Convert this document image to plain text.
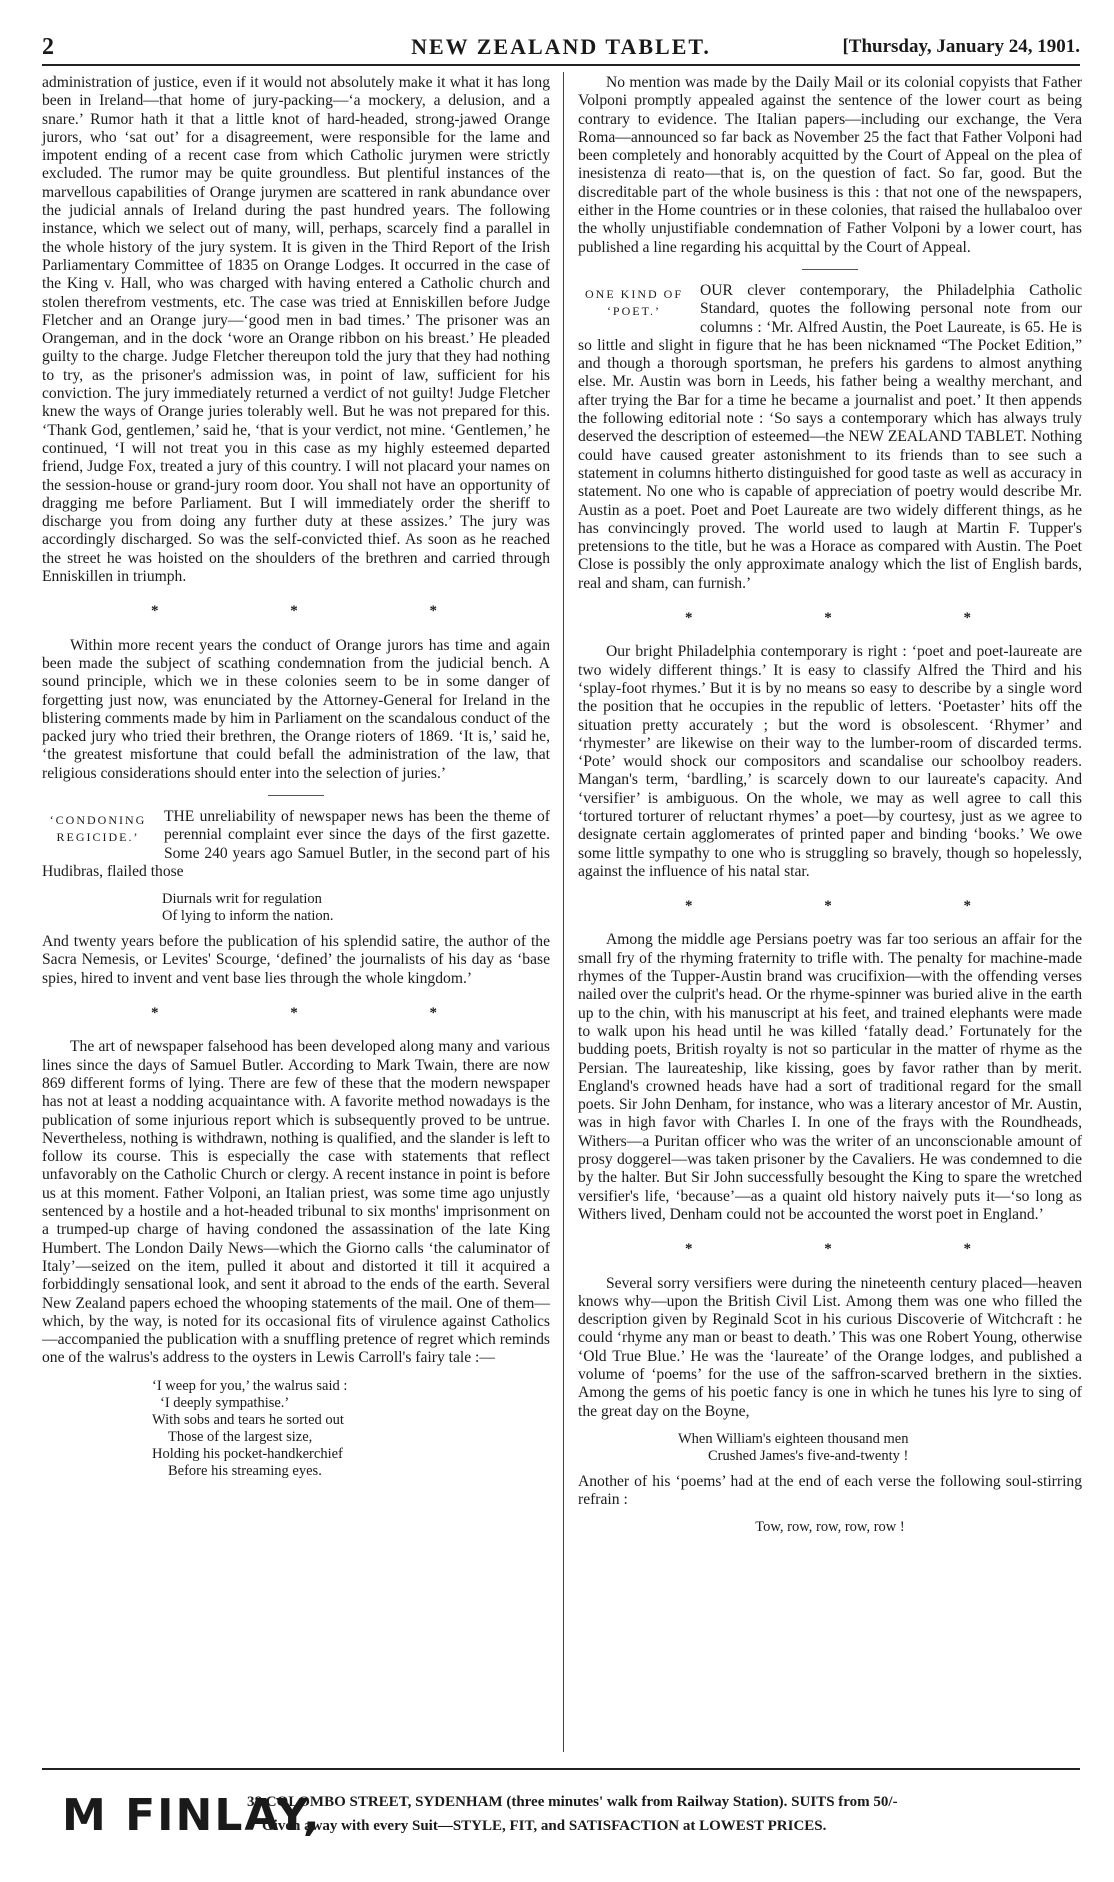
2	NEW ZEALAND TABLET.	[Thursday, January 24, 1901.

administration of justice, even if it would not absolutely make it what it has long been in Ireland—that home of jury-packing—‘a mockery, a delusion, and a snare.’ Rumor hath it that a little knot of hard-headed, strong-jawed Orange jurors, who ‘sat out’ for a disagreement, were responsible for the lame and impotent ending of a recent case from which Catholic jurymen were strictly excluded. The rumor may be quite groundless. But plentiful instances of the marvellous capabilities of Orange jurymen are scattered in rank abundance over the judicial annals of Ireland during the past hundred years. The following instance, which we select out of many, will, perhaps, scarcely find a parallel in the whole history of the jury system. It is given in the Third Report of the Irish Parliamentary Committee of 1835 on Orange Lodges. It occurred in the case of the King v. Hall, who was charged with having entered a Catholic church and stolen therefrom vestments, etc. The case was tried at Enniskillen before Judge Fletcher and an Orange jury—‘good men in bad times.’ The prisoner was an Orangeman, and in the dock ‘wore an Orange ribbon on his breast.’ He pleaded guilty to the charge. Judge Fletcher thereupon told the jury that they had nothing to try, as the prisoner's admission was, in point of law, sufficient for his conviction. The jury immediately returned a verdict of not guilty! Judge Fletcher knew the ways of Orange juries tolerably well. But he was not prepared for this. ‘Thank God, gentlemen,’ said he, ‘that is your verdict, not mine. ‘Gentlemen,’ he continued, ‘I will not treat you in this case as my highly esteemed departed friend, Judge Fox, treated a jury of this country. I will not placard your names on the session-house or grand-jury room door. You shall not have an opportunity of dragging me before Parliament. But I will immediately order the sheriff to discharge you from doing any further duty at these assizes.’ The jury was accordingly discharged. So was the self-convicted thief. As soon as he reached the street he was hoisted on the shoulders of the brethren and carried through Enniskillen in triumph.

* * *

Within more recent years the conduct of Orange jurors has time and again been made the subject of scathing condemnation from the judicial bench. A sound principle, which we in these colonies seem to be in some danger of forgetting just now, was enunciated by the Attorney-General for Ireland in the blistering comments made by him in Parliament on the scandalous conduct of the packed jury who tried their brethren, the Orange rioters of 1869. ‘It is,’ said he, ‘the greatest misfortune that could befall the administration of the law, that religious considerations should enter into the selection of juries.’

‘CONDONING REGICIDE.’

THE unreliability of newspaper news has been the theme of perennial complaint ever since the days of the first gazette. Some 240 years ago Samuel Butler, in the second part of his Hudibras, flailed those

Diurnals writ for regulation
Of lying to inform the nation.

And twenty years before the publication of his splendid satire, the author of the Sacra Nemesis, or Levites' Scourge, ‘defined’ the journalists of his day as ‘base spies, hired to invent and vent base lies through the whole kingdom.’

* * *

The art of newspaper falsehood has been developed along many and various lines since the days of Samuel Butler. According to Mark Twain, there are now 869 different forms of lying. There are few of these that the modern newspaper has not at least a nodding acquaintance with. A favorite method nowadays is the publication of some injurious report which is subsequently proved to be untrue. Nevertheless, nothing is withdrawn, nothing is qualified, and the slander is left to follow its course. This is especially the case with statements that reflect unfavorably on the Catholic Church or clergy. A recent instance in point is before us at this moment. Father Volponi, an Italian priest, was some time ago unjustly sentenced by a hostile and a hot-headed tribunal to six months' imprisonment on a trumped-up charge of having condoned the assassination of the late King Humbert. The London Daily News—which the Giorno calls ‘the caluminator of Italy’—seized on the item, pulled it about and distorted it till it acquired a forbiddingly sensational look, and sent it abroad to the ends of the earth. Several New Zealand papers echoed the whooping statements of the mail. One of them—which, by the way, is noted for its occasional fits of virulence against Catholics—accompanied the publication with a snuffling pretence of regret which reminds one of the walrus's address to the oysters in Lewis Carroll's fairy tale :—

‘I weep for you,’ the walrus said :
‘I deeply sympathise.’
With sobs and tears he sorted out
Those of the largest size,
Holding his pocket-handkerchief
Before his streaming eyes.

No mention was made by the Daily Mail or its colonial copyists that Father Volponi promptly appealed against the sentence of the lower court as being contrary to evidence. The Italian papers—including our exchange, the Vera Roma—announced so far back as November 25 the fact that Father Volponi had been completely and honorably acquitted by the Court of Appeal on the plea of inesistenza di reato—that is, on the question of fact. So far, good. But the discreditable part of the whole business is this : that not one of the newspapers, either in the Home countries or in these colonies, that raised the hullabaloo over the wholly unjustifiable condemnation of Father Volponi by a lower court, has published a line regarding his acquittal by the Court of Appeal.

ONE KIND OF ‘POET.’

OUR clever contemporary, the Philadelphia Catholic Standard, quotes the following personal note from our columns : ‘Mr. Alfred Austin, the Poet Laureate, is 65. He is so little and slight in figure that he has been nicknamed “The Pocket Edition,” and though a thorough sportsman, he prefers his gardens to almost anything else. Mr. Austin was born in Leeds, his father being a wealthy merchant, and after trying the Bar for a time he became a journalist and poet.’ It then appends the following editorial note : ‘So says a contemporary which has always truly deserved the description of esteemed—the NEW ZEALAND TABLET. Nothing could have caused greater astonishment to its friends than to see such a statement in columns hitherto distinguished for good taste as well as accuracy in statement. No one who is capable of appreciation of poetry would describe Mr. Austin as a poet. Poet and Poet Laureate are two widely different things, as he has convincingly proved. The world used to laugh at Martin F. Tupper's pretensions to the title, but he was a Horace as compared with Austin. The Poet Close is possibly the only approximate analogy which the list of English bards, real and sham, can furnish.’

* * *

Our bright Philadelphia contemporary is right : ‘poet and poet-laureate are two widely different things.’ It is easy to classify Alfred the Third and his ‘splay-foot rhymes.’ But it is by no means so easy to describe by a single word the position that he occupies in the republic of letters. ‘Poetaster’ hits off the situation pretty accurately ; but the word is obsolescent. ‘Rhymer’ and ‘rhymester’ are likewise on their way to the lumber-room of discarded terms. ‘Pote’ would shock our compositors and scandalise our schoolboy readers. Mangan's term, ‘bardling,’ is scarcely down to our laureate's capacity. And ‘versifier’ is ambiguous. On the whole, we may as well agree to call this ‘tortured torturer of reluctant rhymes’ a poet—by courtesy, just as we agree to designate certain agglomerates of printed paper and binding ‘books.’ We owe some little sympathy to one who is struggling so bravely, though so hopelessly, against the influence of his natal star.

* * *

Among the middle age Persians poetry was far too serious an affair for the small fry of the rhyming fraternity to trifle with. The penalty for machine-made rhymes of the Tupper-Austin brand was crucifixion—with the offending verses nailed over the culprit's head. Or the rhyme-spinner was buried alive in the earth up to the chin, with his manuscript at his feet, and trained elephants were made to walk upon his head until he was killed ‘fatally dead.’ Fortunately for the budding poets, British royalty is not so particular in the matter of rhyme as the Persian. The laureateship, like kissing, goes by favor rather than by merit. England's crowned heads have had a sort of traditional regard for the small poets. Sir John Denham, for instance, who was a literary ancestor of Mr. Austin, was in high favor with Charles I. In one of the frays with the Roundheads, Withers—a Puritan officer who was the writer of an unconscionable amount of prosy doggerel—was taken prisoner by the Cavaliers. He was condemned to die by the halter. But Sir John successfully besought the King to spare the wretched versifier's life, ‘because’—as a quaint old history naively puts it—‘so long as Withers lived, Denham could not be accounted the worst poet in England.’

* * *

Several sorry versifiers were during the nineteenth century placed—heaven knows why—upon the British Civil List. Among them was one who filled the description given by Reginald Scot in his curious Discoverie of Witchcraft : he could ‘rhyme any man or beast to death.’ This was one Robert Young, otherwise ‘Old True Blue.’ He was the ‘laureate’ of the Orange lodges, and published a volume of ‘poems’ for the use of the saffron-scarved brethern in the sixties. Among the gems of his poetic fancy is one in which he tunes his lyre to sing of the great day on the Boyne,

When William's eighteen thousand men
Crushed James's five-and-twenty !

Another of his ‘poems’ had at the end of each verse the following soul-stirring refrain :

Tow, row, row, row, row !
M FINLAY,
38 COLOMBO STREET, SYDENHAM (three minutes' walk from Railway Station). SUITS from 50/-
Given away with every Suit—STYLE, FIT, and SATISFACTION at LOWEST PRICES.
